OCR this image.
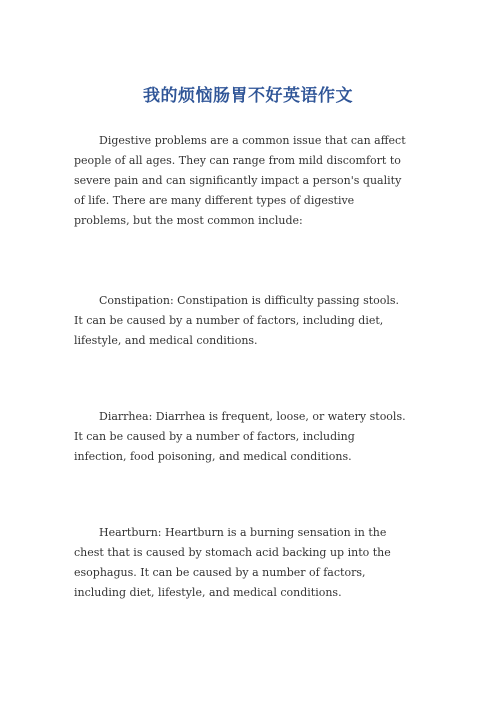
我的烦恼肠胃不好英语作文
Digestive problems are a common issue that can affect
people of all ages. They can range from mild discomfort to
severe pain and can significantly impact a person's quality
of life. There are many different types of digestive
problems, but the most common include:
Constipation: Constipation is difficulty passing stools.
It can be caused by a number of factors, including diet,
lifestyle, and medical conditions.
Diarrhea: Diarrhea is frequent, loose, or watery stools.
It can be caused by a number of factors, including
infection, food poisoning, and medical conditions.
Heartburn: Heartburn is a burning sensation in the
chest that is caused by stomach acid backing up into the
esophagus. It can be caused by a number of factors,
including diet, lifestyle, and medical conditions.
